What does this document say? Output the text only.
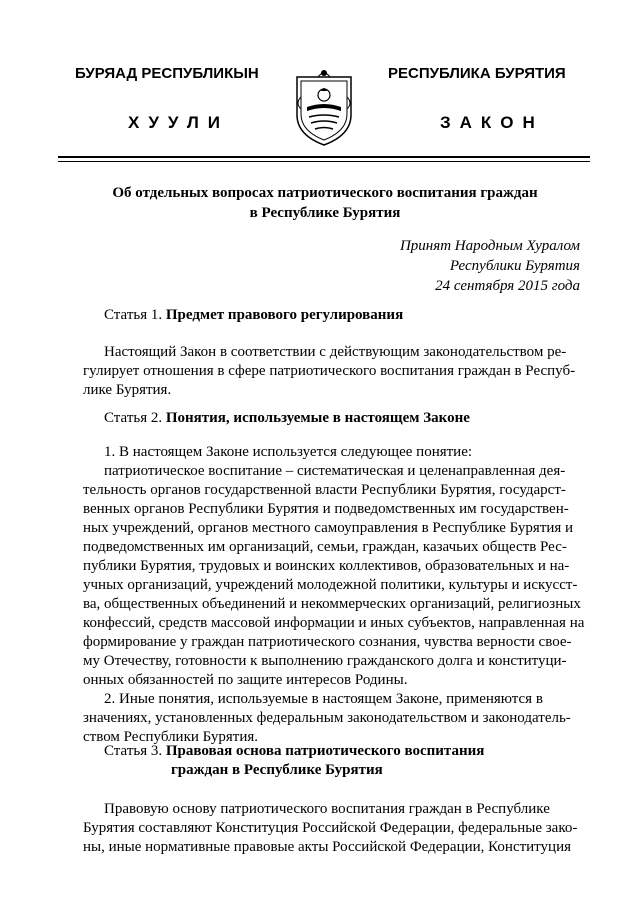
БУРЯАД РЕСПУБЛИКЫН	РЕСПУБЛИКА БУРЯТИЯ
ХУУЛИ	ЗАКОН
Об отдельных вопросах патриотического воспитания граждан
в Республике Бурятия
Принят Народным Хуралом
Республики Бурятия
24 сентября 2015 года
Статья 1. Предмет правового регулирования
Настоящий Закон в соответствии с действующим законодательством ре-
гулирует отношения в сфере патриотического воспитания граждан в Респуб-
лике Бурятия.
Статья 2. Понятия, используемые в настоящем Законе
1. В настоящем Законе используется следующее понятие:
патриотическое воспитание – систематическая и целенаправленная дея-
тельность органов государственной власти Республики Бурятия, государст-
венных органов Республики Бурятия и подведомственных им государствен-
ных учреждений, органов местного самоуправления в Республике Бурятия и
подведомственных им организаций, семьи, граждан, казачьих обществ Рес-
публики Бурятия, трудовых и воинских коллективов, образовательных и на-
учных организаций, учреждений молодежной политики, культуры и искусст-
ва, общественных объединений и некоммерческих организаций, религиозных
конфессий, средств массовой информации и иных субъектов, направленная на
формирование у граждан патриотического сознания, чувства верности свое-
му Отечеству, готовности к выполнению гражданского долга и конституци-
онных обязанностей по защите интересов Родины.
2. Иные понятия, используемые в настоящем Законе, применяются в
значениях, установленных федеральным законодательством и законодатель-
ством Республики Бурятия.
Статья 3. Правовая основа патриотического воспитания
граждан в Республике Бурятия
Правовую основу патриотического воспитания граждан в Республике
Бурятия составляют Конституция Российской Федерации, федеральные зако-
ны, иные нормативные правовые акты Российской Федерации, Конституция
